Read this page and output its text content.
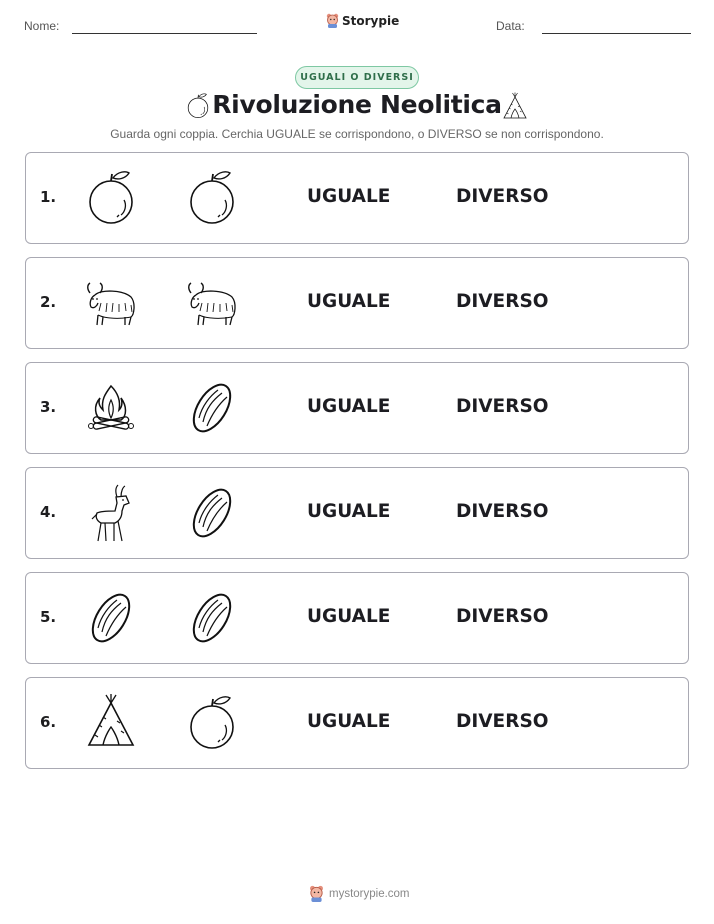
Nome:	Storypie	Data:
UGUALI O DIVERSI
Rivoluzione Neolitica
Guarda ogni coppia. Cerchia UGUALE se corrispondono, o DIVERSO se non corrispondono.
1.	UGUALE	DIVERSO
2.	UGUALE	DIVERSO
3.	UGUALE	DIVERSO
4.	UGUALE	DIVERSO
5.	UGUALE	DIVERSO
6.	UGUALE	DIVERSO
mystorypie.com
